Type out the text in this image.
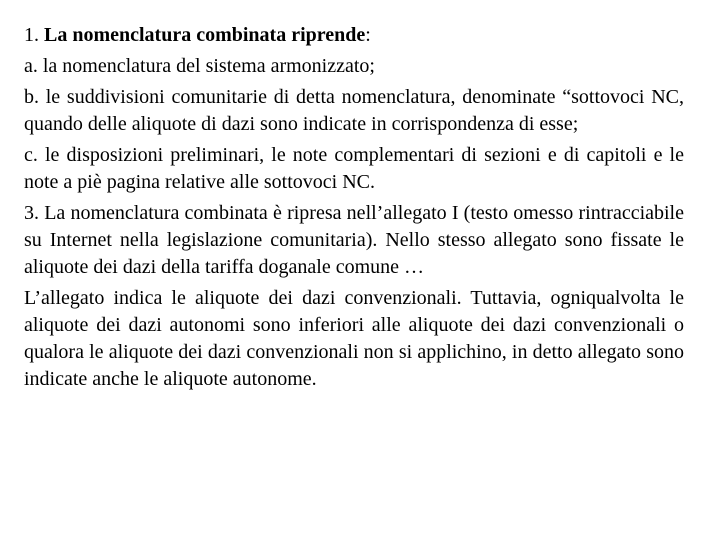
1. La nomenclatura combinata riprende:

a. la nomenclatura del sistema armonizzato;

b. le suddivisioni comunitarie di detta nomenclatura, denominate “sottovoci NC, quando delle aliquote di dazi sono indicate in corrispondenza di esse;

c. le disposizioni preliminari, le note complementari di sezioni e di capitoli e le note a piè pagina relative alle sottovoci NC.

3. La nomenclatura combinata è ripresa nell’allegato I (testo omesso rintracciabile su Internet nella legislazione comunitaria). Nello stesso allegato sono fissate le aliquote dei dazi della tariffa doganale comune …

L’allegato indica le aliquote dei dazi convenzionali. Tuttavia, ogniqualvolta le aliquote dei dazi autonomi sono inferiori alle aliquote dei dazi convenzionali o qualora le aliquote dei dazi convenzionali non si applichino, in detto allegato sono indicate anche le aliquote autonome.
